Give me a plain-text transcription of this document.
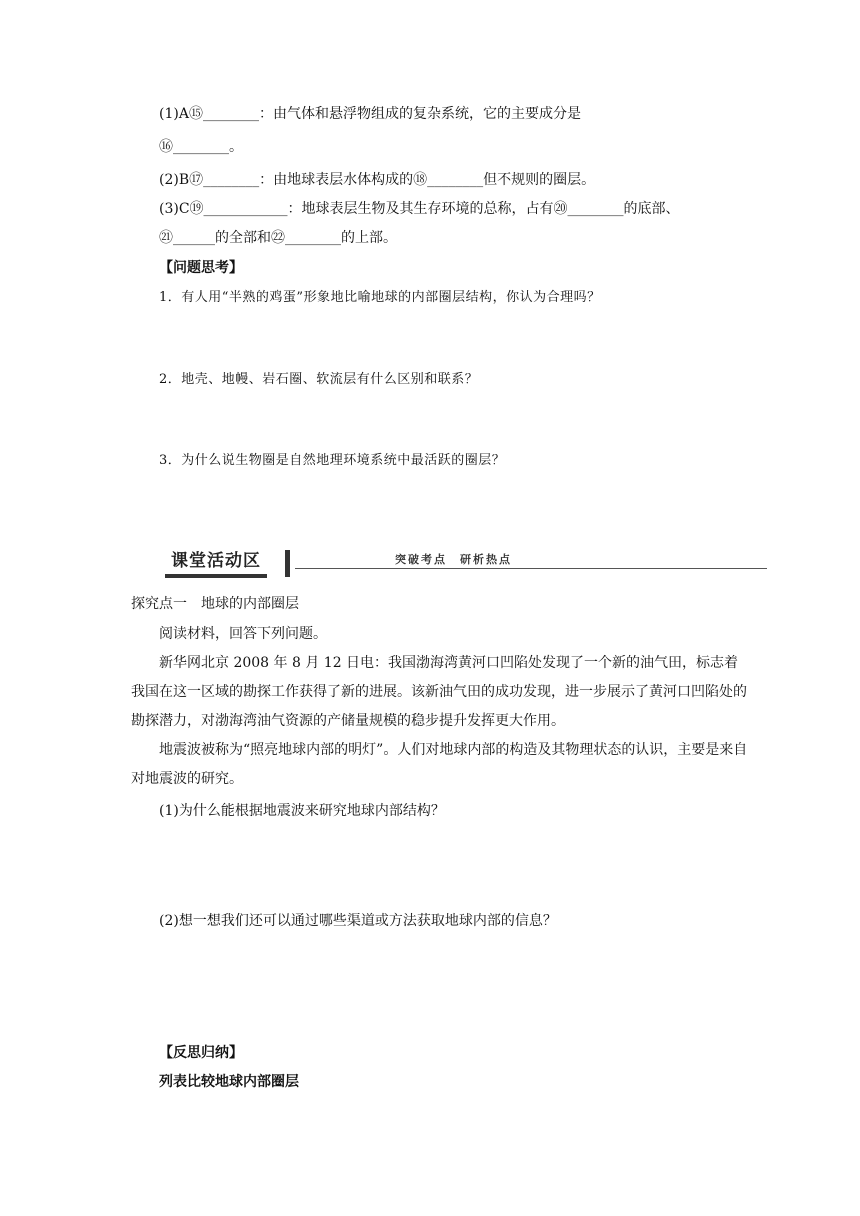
(1)A⑮________：由气体和悬浮物组成的复杂系统，它的主要成分是
⑯________。
(2)B⑰________：由地球表层水体构成的⑱________但不规则的圈层。
(3)C⑲____________：地球表层生物及其生存环境的总称，占有⑳________的底部、
㉑______的全部和㉒________的上部。
【问题思考】
1．有人用“半熟的鸡蛋”形象地比喻地球的内部圈层结构，你认为合理吗？
2．地壳、地幔、岩石圈、软流层有什么区别和联系？
3．为什么说生物圈是自然地理环境系统中最活跃的圈层？
课堂活动区	突破考点　研析热点
探究点一　地球的内部圈层
阅读材料，回答下列问题。
新华网北京 2008 年 8 月 12 日电：我国渤海湾黄河口凹陷处发现了一个新的油气田，标志着我国在这一区域的勘探工作获得了新的进展。该新油气田的成功发现，进一步展示了黄河口凹陷处的勘探潜力，对渤海湾油气资源的产储量规模的稳步提升发挥更大作用。
地震波被称为“照亮地球内部的明灯”。人们对地球内部的构造及其物理状态的认识，主要是来自对地震波的研究。
(1)为什么能根据地震波来研究地球内部结构？
(2)想一想我们还可以通过哪些渠道或方法获取地球内部的信息？
【反思归纳】
列表比较地球内部圈层
